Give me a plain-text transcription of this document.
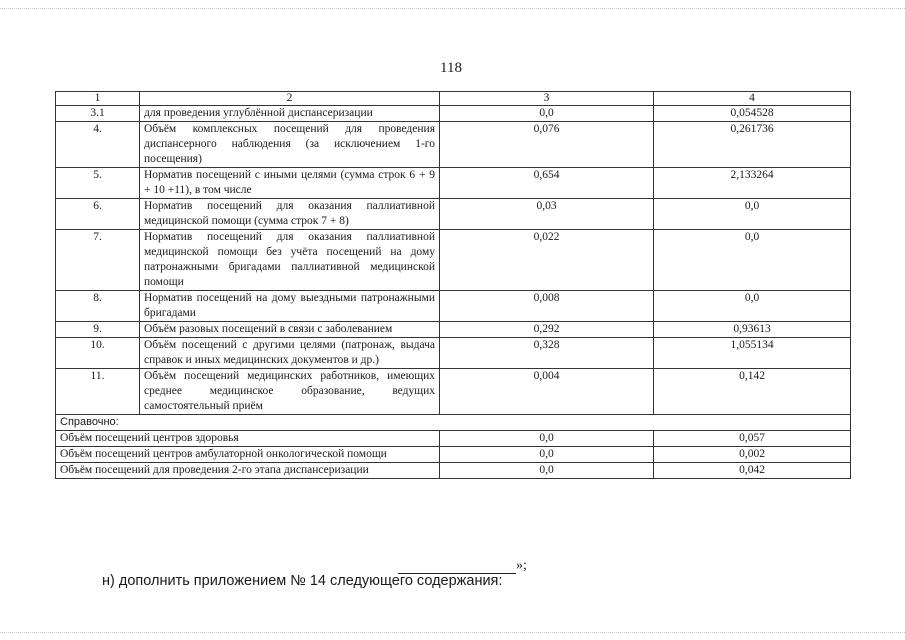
118
1	2	3	4
3.1	для проведения углублённой диспансеризации	0,0	0,054528
4.	Объём комплексных посещений для проведения диспансерного наблюдения (за исключением 1-го посещения)	0,076	0,261736
5.	Норматив посещений с иными целями (сумма строк 6 + 9 + 10 +11), в том числе	0,654	2,133264
6.	Норматив посещений для оказания паллиативной медицинской помощи (сумма строк 7 + 8)	0,03	0,0
7.	Норматив посещений для оказания паллиативной медицинской помощи без учёта посещений на дому патронажными бригадами паллиативной медицинской помощи	0,022	0,0
8.	Норматив посещений на дому выездными патронажными бригадами	0,008	0,0
9.	Объём разовых посещений в связи с заболеванием	0,292	0,93613
10.	Объём посещений с другими целями (патронаж, выдача справок и иных медицинских документов и др.)	0,328	1,055134
11.	Объём посещений медицинских работников, имеющих среднее медицинское образование, ведущих самостоятельный приём	0,004	0,142
Справочно:			
Объём посещений центров здоровья		0,0	0,057
Объём посещений центров амбулаторной онкологической помощи		0,0	0,002
Объём посещений для проведения 2-го этапа диспансеризации		0,0	0,042
»;
н) дополнить приложением № 14 следующего содержания:
